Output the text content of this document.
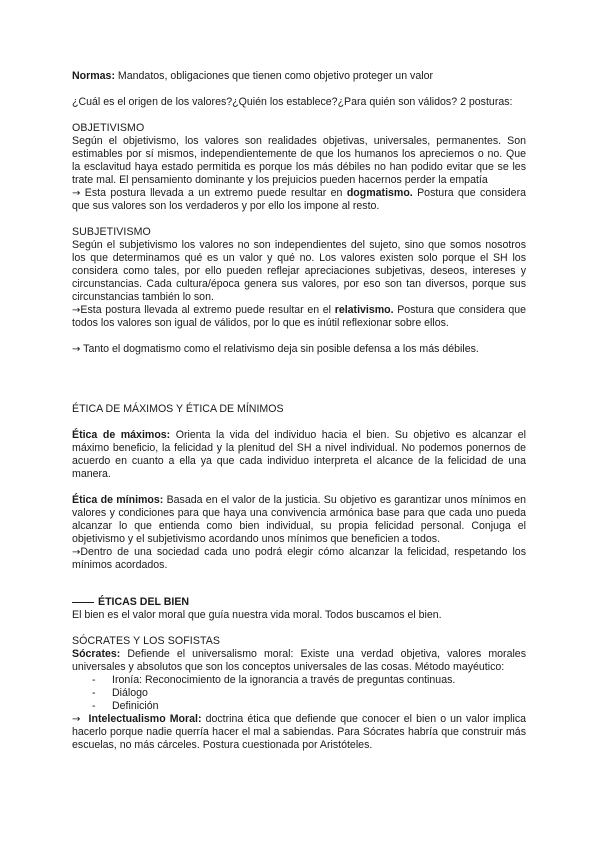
Normas: Mandatos, obligaciones que tienen como objetivo proteger un valor

¿Cuál es el origen de los valores?¿Quién los establece?¿Para quién son válidos? 2 posturas:

OBJETIVISMO

Según el objetivismo, los valores son realidades objetivas, universales, permanentes. Son estimables por sí mismos, independientemente de que los humanos los apreciemos o no. Que la esclavitud haya estado permitida es porque los más débiles no han podido evitar que se les trate mal. El pensamiento dominante y los prejuicios pueden hacernos perder la empatía

→ Esta postura llevada a un extremo puede resultar en dogmatismo. Postura que considera que sus valores son los verdaderos y por ello los impone al resto.

SUBJETIVISMO

Según el subjetivismo los valores no son independientes del sujeto, sino que somos nosotros los que determinamos qué es un valor y qué no. Los valores existen solo porque el SH los considera como tales, por ello pueden reflejar apreciaciones subjetivas, deseos, intereses y circunstancias. Cada cultura/época genera sus valores, por eso son tan diversos, porque sus circunstancias también lo son.

→Esta postura llevada al extremo puede resultar en el relativismo. Postura que considera que todos los valores son igual de válidos, por lo que es inútil reflexionar sobre ellos.

→ Tanto el dogmatismo como el relativismo deja sin posible defensa a los más débiles.

ÉTICA DE MÁXIMOS Y ÉTICA DE MÍNIMOS

Ética de máximos: Orienta la vida del individuo hacia el bien. Su objetivo es alcanzar el máximo beneficio, la felicidad y la plenitud del SH a nivel individual. No podemos ponernos de acuerdo en cuanto a ella ya que cada individuo interpreta el alcance de la felicidad de una manera.

Ética de mínimos: Basada en el valor de la justicia. Su objetivo es garantizar unos mínimos en valores y condiciones para que haya una convivencia armónica base para que cada uno pueda alcanzar lo que entienda como bien individual, su propia felicidad personal. Conjuga el objetivismo y el subjetivismo acordando unos mínimos que beneficien a todos.

→Dentro de una sociedad cada uno podrá elegir cómo alcanzar la felicidad, respetando los mínimos acordados.

ÉTICAS DEL BIEN

El bien es el valor moral que guía nuestra vida moral. Todos buscamos el bien.

SÓCRATES Y LOS SOFISTAS

Sócrates: Defiende el universalismo moral: Existe una verdad objetiva, valores morales universales y absolutos que son los conceptos universales de las cosas. Método mayéutico:

- Ironía: Reconocimiento de la ignorancia a través de preguntas continuas.
- Diálogo
- Definición

→ Intelectualismo Moral: doctrina ética que defiende que conocer el bien o un valor implica hacerlo porque nadie querría hacer el mal a sabiendas. Para Sócrates habría que construir más escuelas, no más cárceles. Postura cuestionada por Aristóteles.
